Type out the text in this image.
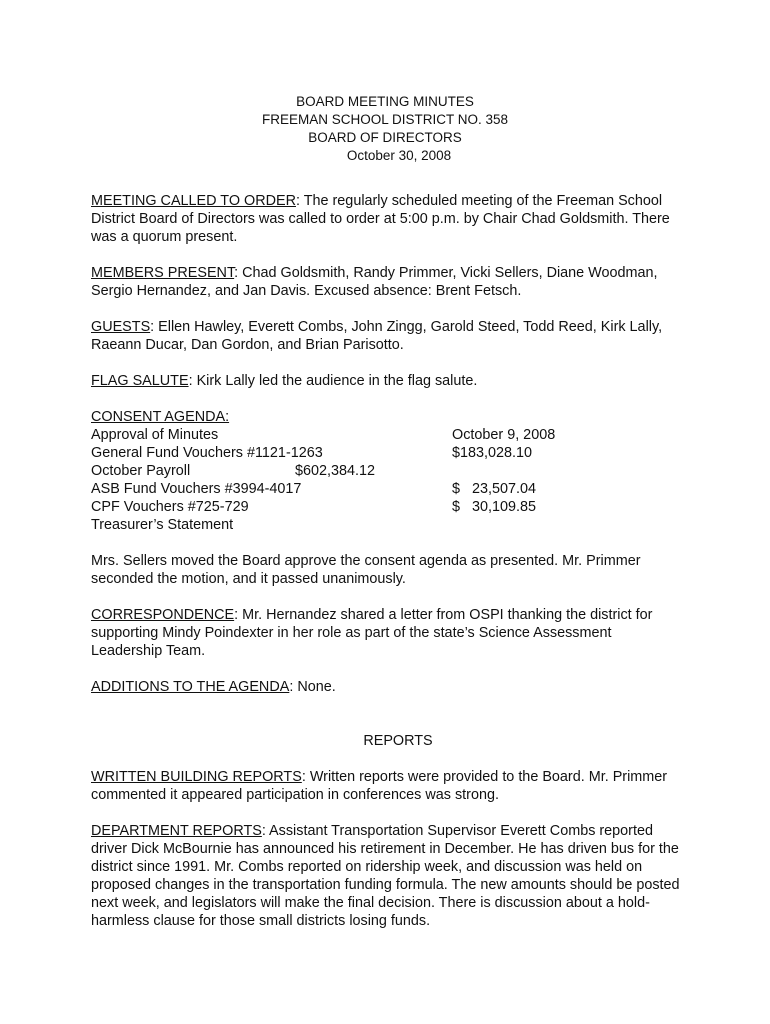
BOARD MEETING MINUTES
FREEMAN SCHOOL DISTRICT NO. 358
BOARD OF DIRECTORS
October 30, 2008

MEETING CALLED TO ORDER: The regularly scheduled meeting of the Freeman School District Board of Directors was called to order at 5:00 p.m. by Chair Chad Goldsmith. There was a quorum present.

MEMBERS PRESENT: Chad Goldsmith, Randy Primmer, Vicki Sellers, Diane Woodman, Sergio Hernandez, and Jan Davis. Excused absence: Brent Fetsch.

GUESTS: Ellen Hawley, Everett Combs, John Zingg, Garold Steed, Todd Reed, Kirk Lally, Raeann Ducar, Dan Gordon, and Brian Parisotto.

FLAG SALUTE: Kirk Lally led the audience in the flag salute.

CONSENT AGENDA:
Approval of Minutes	October 9, 2008
General Fund Vouchers #1121-1263	$183,028.10
October Payroll	$602,384.12
ASB Fund Vouchers #3994-4017	$   23,507.04
CPF Vouchers #725-729	$   30,109.85
Treasurer’s Statement

Mrs. Sellers moved the Board approve the consent agenda as presented. Mr. Primmer seconded the motion, and it passed unanimously.

CORRESPONDENCE: Mr. Hernandez shared a letter from OSPI thanking the district for supporting Mindy Poindexter in her role as part of the state’s Science Assessment Leadership Team.

ADDITIONS TO THE AGENDA: None.

REPORTS

WRITTEN BUILDING REPORTS: Written reports were provided to the Board. Mr. Primmer commented it appeared participation in conferences was strong.

DEPARTMENT REPORTS: Assistant Transportation Supervisor Everett Combs reported driver Dick McBournie has announced his retirement in December. He has driven bus for the district since 1991. Mr. Combs reported on ridership week, and discussion was held on proposed changes in the transportation funding formula. The new amounts should be posted next week, and legislators will make the final decision. There is discussion about a hold-harmless clause for those small districts losing funds.
